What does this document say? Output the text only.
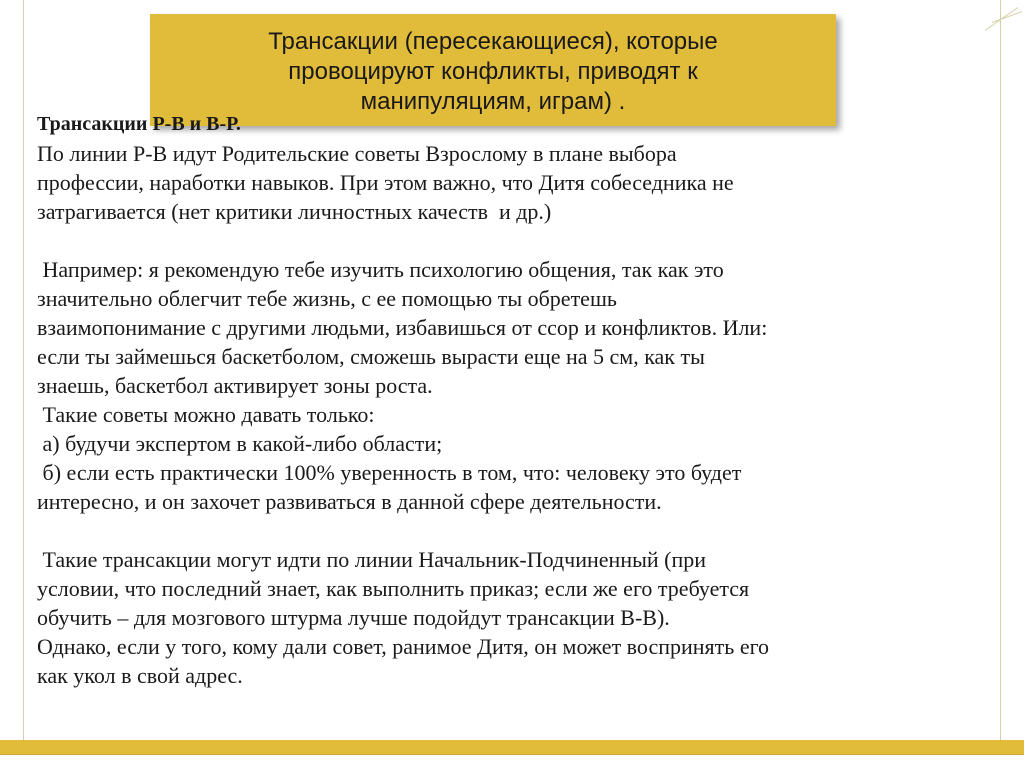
Трансакции (пересекающиеся), которые
провоцируют конфликты, приводят к
манипуляциям, играм) .

Трансакции Р-В и В-Р.

По линии Р-В идут Родительские советы Взрослому в плане выбора

профессии, наработки навыков. При этом важно, что Дитя собеседника не

затрагивается (нет критики личностных качеств  и др.)

Например: я рекомендую тебе изучить психологию общения, так как это

значительно облегчит тебе жизнь, с ее помощью ты обретешь

взаимопонимание с другими людьми, избавишься от ссор и конфликтов. Или:

если ты займешься баскетболом, сможешь вырасти еще на 5 см, как ты

знаешь, баскетбол активирует зоны роста.

Такие советы можно давать только:

а) будучи экспертом в какой-либо области;

б) если есть практически 100% уверенность в том, что: человеку это будет

интересно, и он захочет развиваться в данной сфере деятельности.

Такие трансакции могут идти по линии Начальник-Подчиненный (при

условии, что последний знает, как выполнить приказ; если же его требуется

обучить – для мозгового штурма лучше подойдут трансакции В-В).

Однако, если у того, кому дали совет, ранимое Дитя, он может воспринять его

как укол в свой адрес.
